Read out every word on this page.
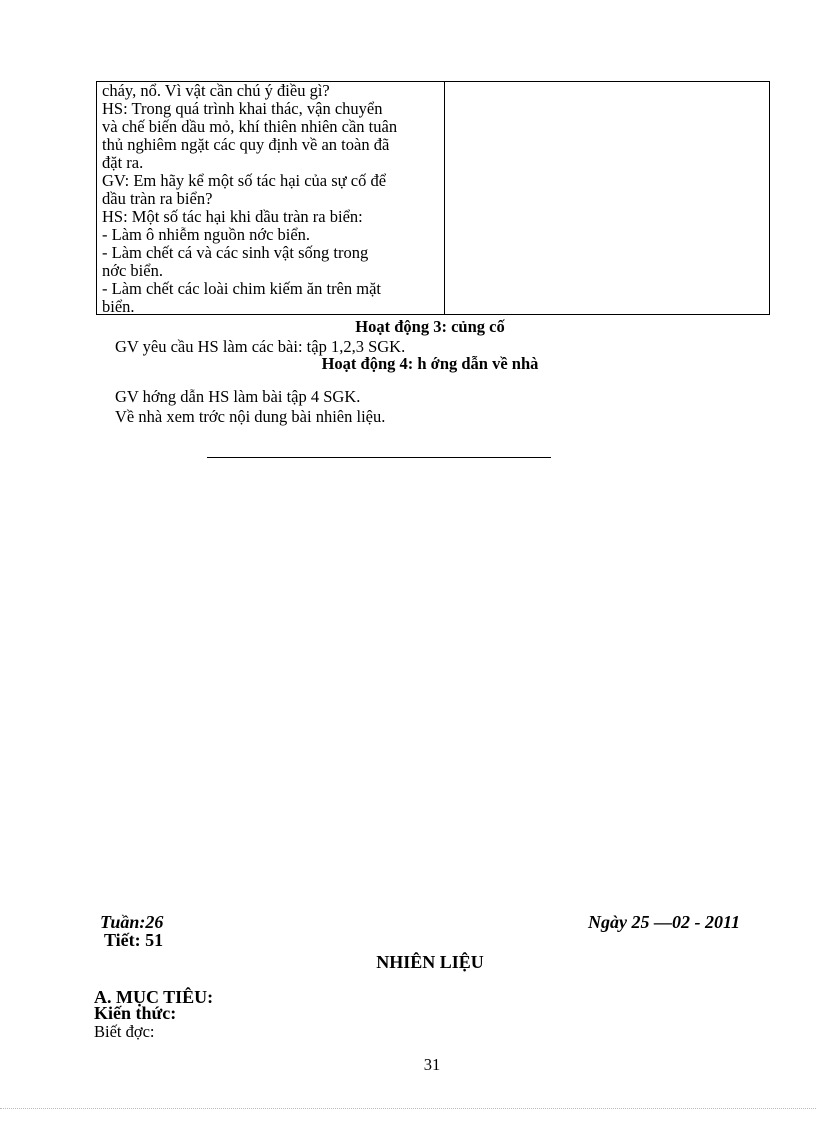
cháy, nổ. Vì vật cần chú ý điều gì?
HS: Trong quá trình khai thác, vận chuyển
và chế biến dầu mỏ, khí thiên nhiên cần tuân
thủ nghiêm ngặt các quy định về an toàn đã
đặt ra.
GV: Em hãy kể một số tác hại của sự cố để
dầu tràn ra biển?
HS: Một số tác hại khi dầu tràn ra biển:
- Làm ô nhiễm nguồn nớc biển.
- Làm chết cá và các sinh vật sống trong
nớc biển.
- Làm chết các loài chim kiếm ăn trên mặt
biển.
Hoạt động 3: củng cố
GV yêu cầu HS làm các bài: tập 1,2,3 SGK.
Hoạt động 4: h ớng dẫn về nhà
GV hớng dẫn HS làm bài tập 4 SGK.
Về nhà xem trớc nội dung bài nhiên liệu.
Tuần:26
Tiết: 51
Ngày 25 —02 - 2011
NHIÊN LIỆU
A. MỤC TIÊU:
Kiến thức:
Biết đợc:
31
